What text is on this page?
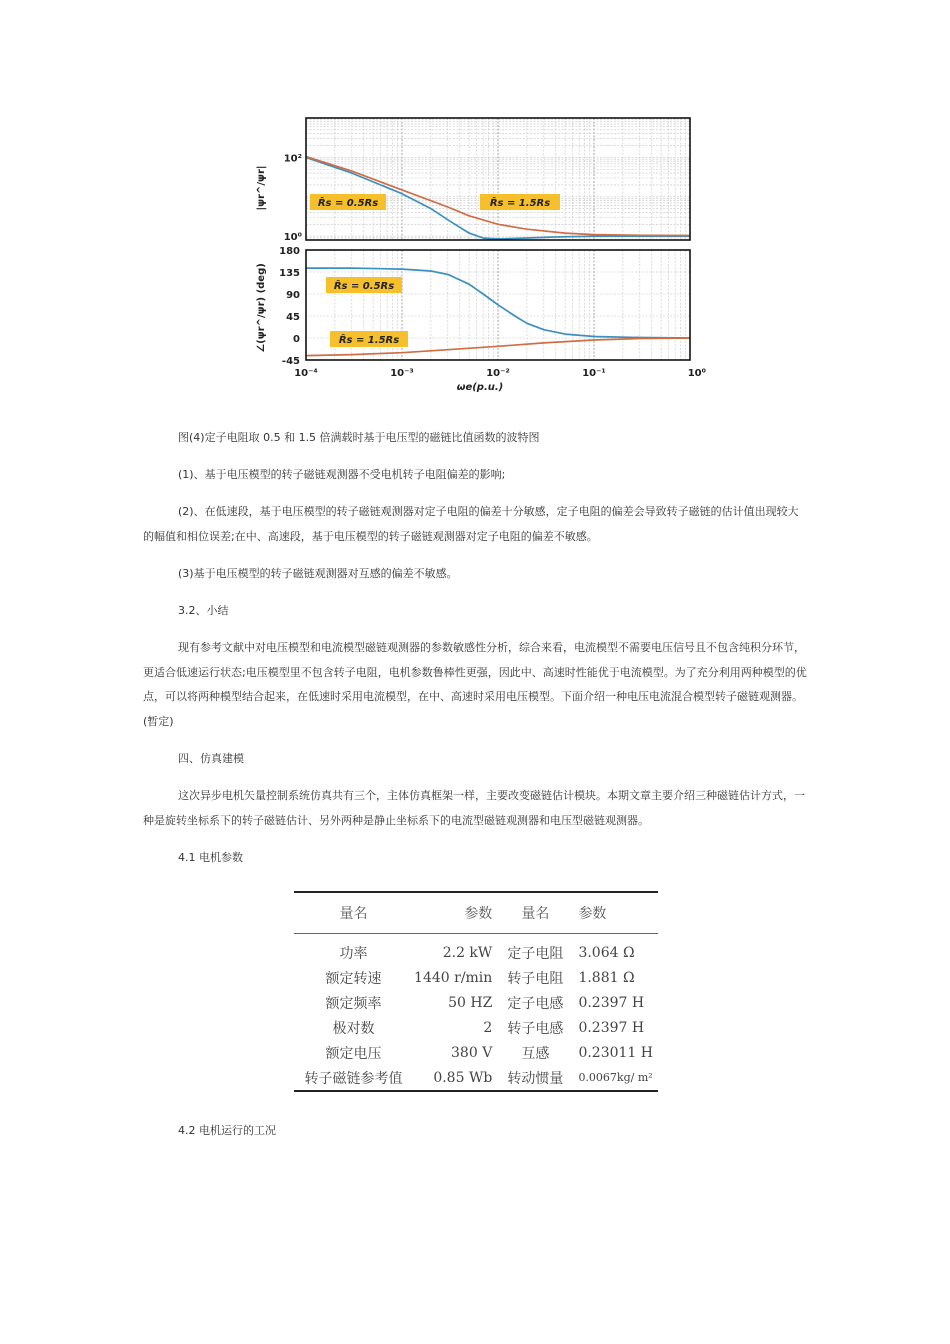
10²
10⁰
R̂s = 0.5Rs	R̂s = 1.5Rs
180
135
90
45
0
-45
R̂s = 0.5Rs
R̂s = 1.5Rs
|ψr^/ψr|
∠(ψr^/ψr) (deg)
ωe(p.u.)
10⁻⁴	10⁻³	10⁻²	10⁻¹	10⁰

图(4)定子电阻取 0.5 和 1.5 倍满载时基于电压型的磁链比值函数的波特图

(1)、基于电压模型的转子磁链观测器不受电机转子电阻偏差的影响;

(2)、在低速段，基于电压模型的转子磁链观测器对定子电阻的偏差十分敏感，定子电阻的偏差会导致转子磁链的估计值出现较大的幅值和相位误差;在中、高速段，基于电压模型的转子磁链观测器对定子电阻的偏差不敏感。

(3)基于电压模型的转子磁链观测器对互感的偏差不敏感。

3.2、小结

现有参考文献中对电压模型和电流模型磁链观测器的参数敏感性分析，综合来看，电流模型不需要电压信号且不包含纯积分环节，更适合低速运行状态;电压模型里不包含转子电阻，电机参数鲁棒性更强，因此中、高速时性能优于电流模型。为了充分利用两种模型的优点，可以将两种模型结合起来，在低速时采用电流模型，在中、高速时采用电压模型。下面介绍一种电压电流混合模型转子磁链观测器。(暂定)

四、仿真建模

这次异步电机矢量控制系统仿真共有三个，主体仿真框架一样，主要改变磁链估计模块。本期文章主要介绍三种磁链估计方式，一种是旋转坐标系下的转子磁链估计、另外两种是静止坐标系下的电流型磁链观测器和电压型磁链观测器。

4.1 电机参数

量名	参数	量名	参数
功率	2.2 kW	定子电阻	3.064 Ω
额定转速	1440 r/min	转子电阻	1.881 Ω
额定频率	50 HZ	定子电感	0.2397 H
极对数	2	转子电感	0.2397 H
额定电压	380 V	互感	0.23011 H
转子磁链参考值	0.85 Wb	转动惯量	0.0067kg/ m²

4.2 电机运行的工况
